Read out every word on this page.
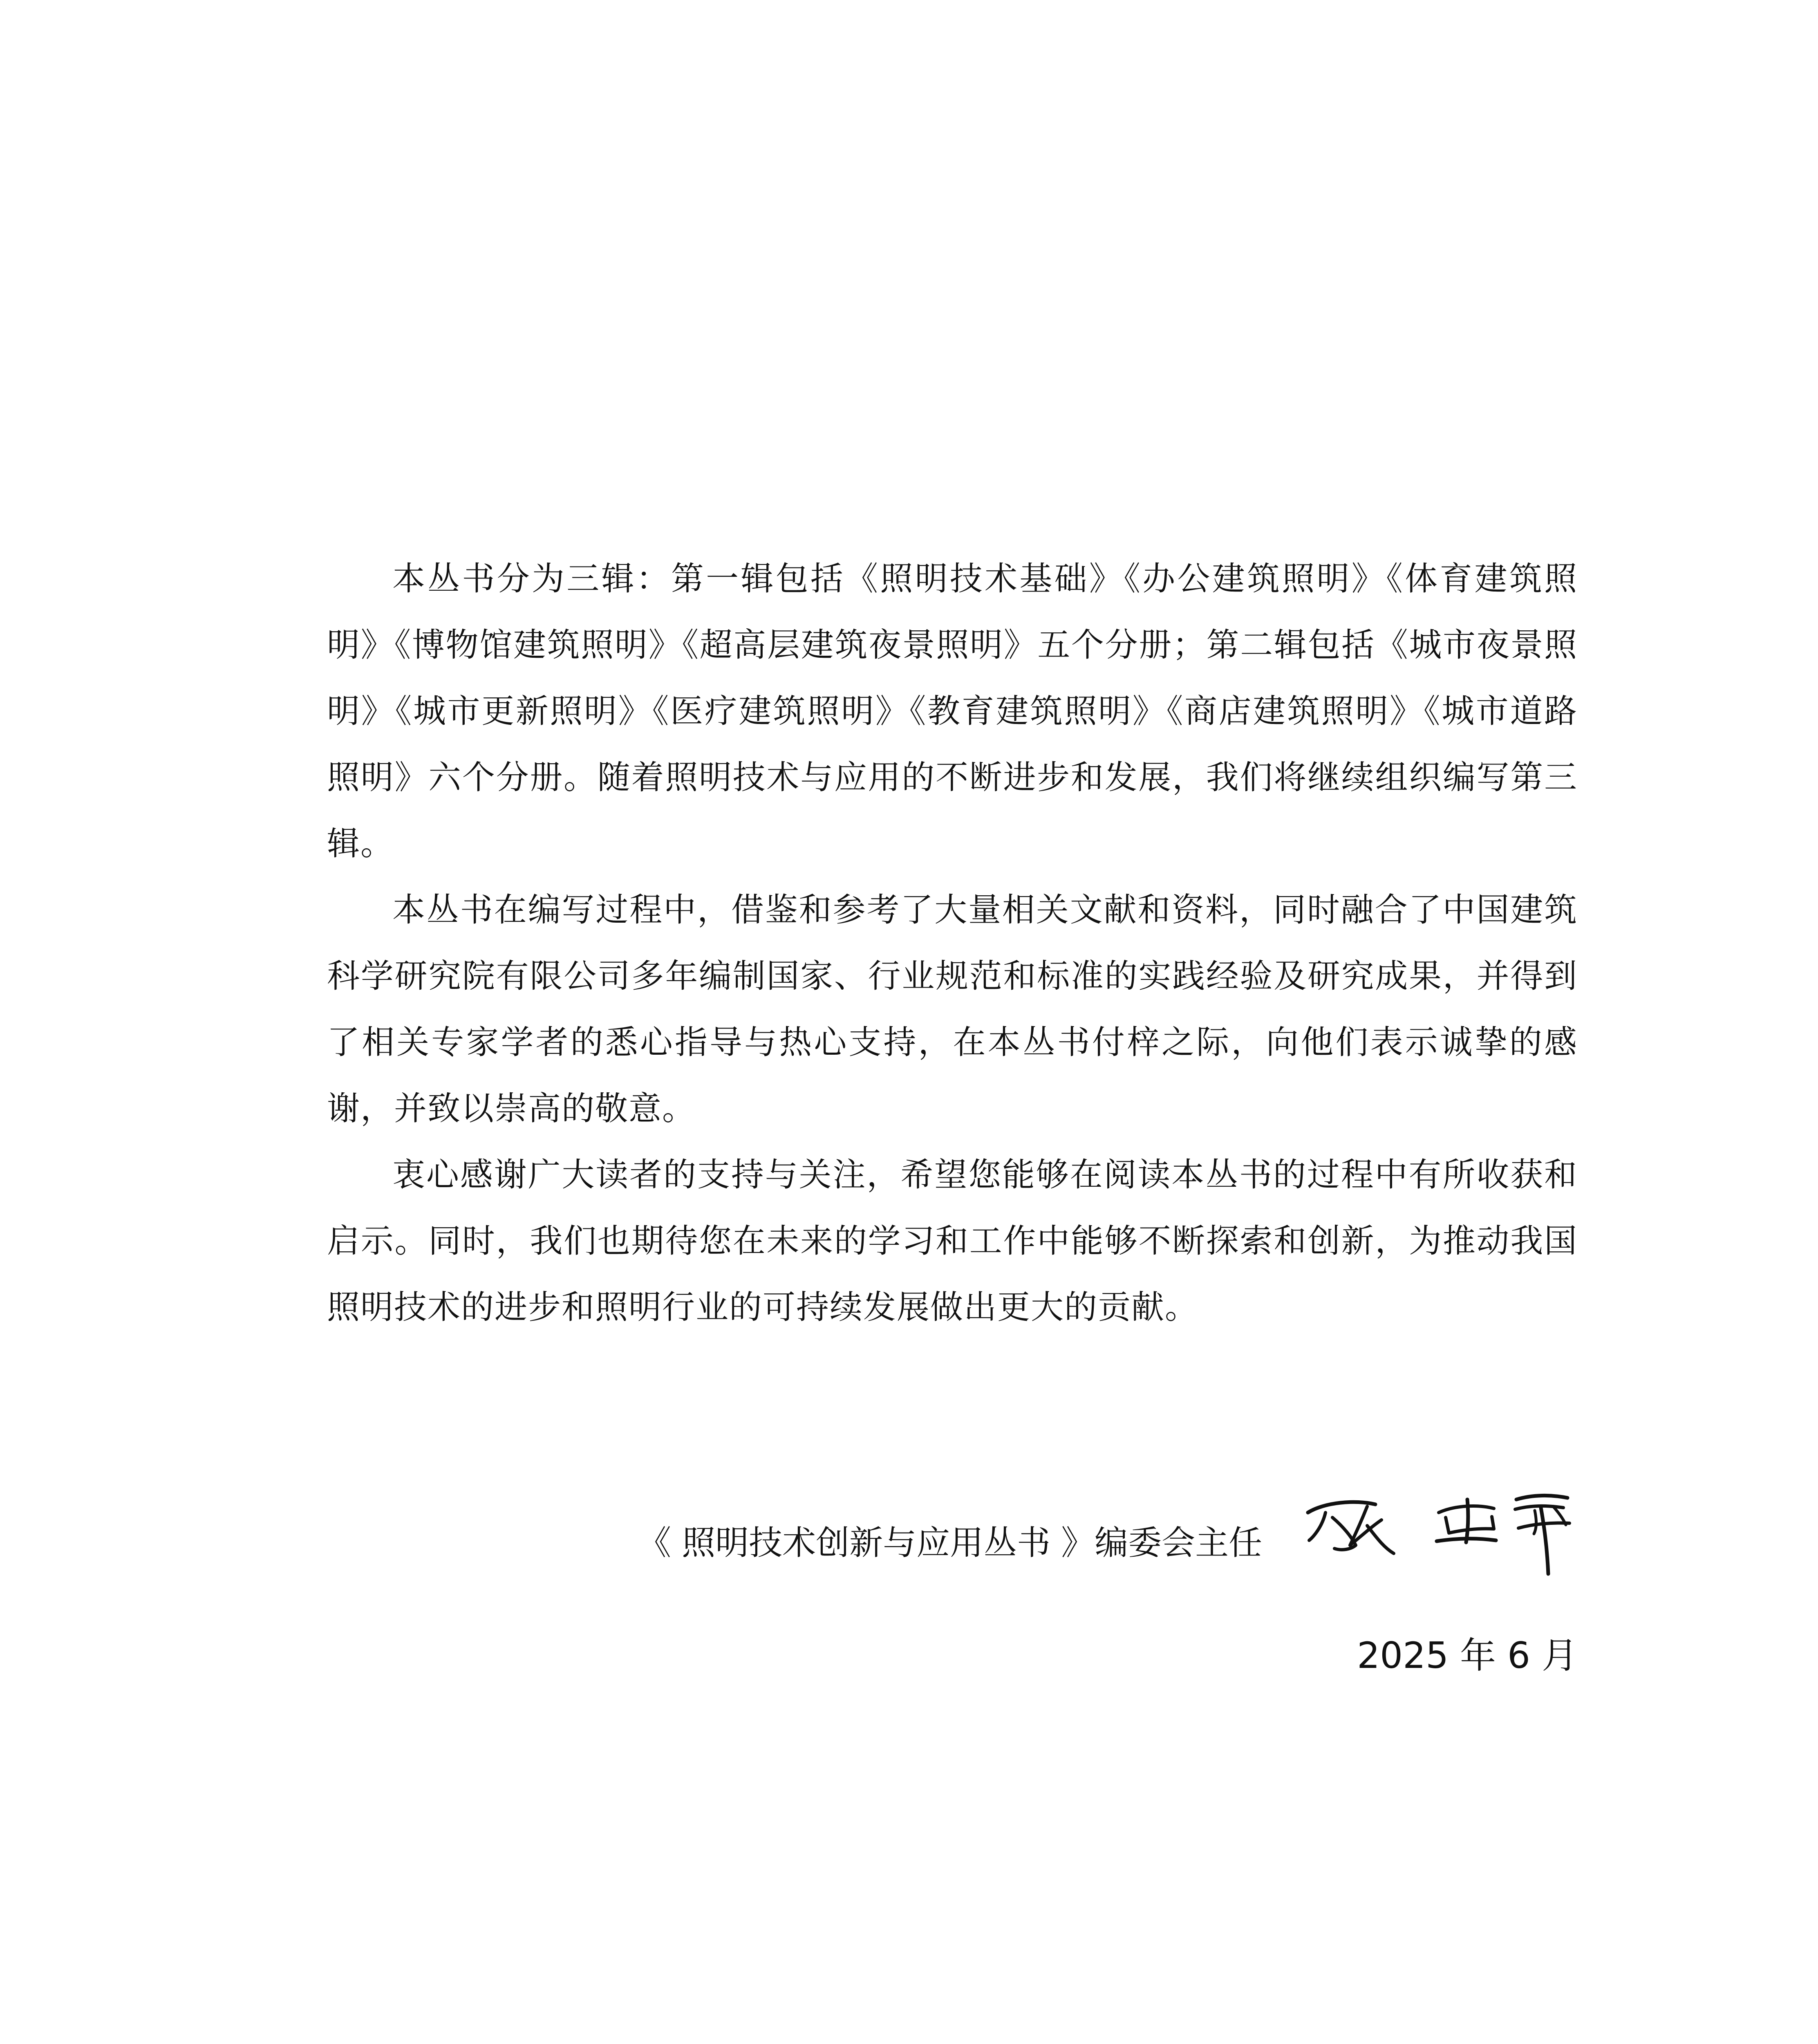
本丛书分为三辑：第一辑包括《照明技术基础》《办公建筑照明》《体育建筑照明》《博物馆建筑照明》《超高层建筑夜景照明》五个分册；第二辑包括《城市夜景照明》《城市更新照明》《医疗建筑照明》《教育建筑照明》《商店建筑照明》《城市道路照明》六个分册。随着照明技术与应用的不断进步和发展，我们将继续组织编写第三辑。

本丛书在编写过程中，借鉴和参考了大量相关文献和资料，同时融合了中国建筑科学研究院有限公司多年编制国家、行业规范和标准的实践经验及研究成果，并得到了相关专家学者的悉心指导与热心支持，在本丛书付梓之际，向他们表示诚挚的感谢，并致以崇高的敬意。

衷心感谢广大读者的支持与关注，希望您能够在阅读本丛书的过程中有所收获和启示。同时，我们也期待您在未来的学习和工作中能够不断探索和创新，为推动我国照明技术的进步和照明行业的可持续发展做出更大的贡献。

《 照明技术创新与应用丛书 》编委会主任
2025 年 6 月
